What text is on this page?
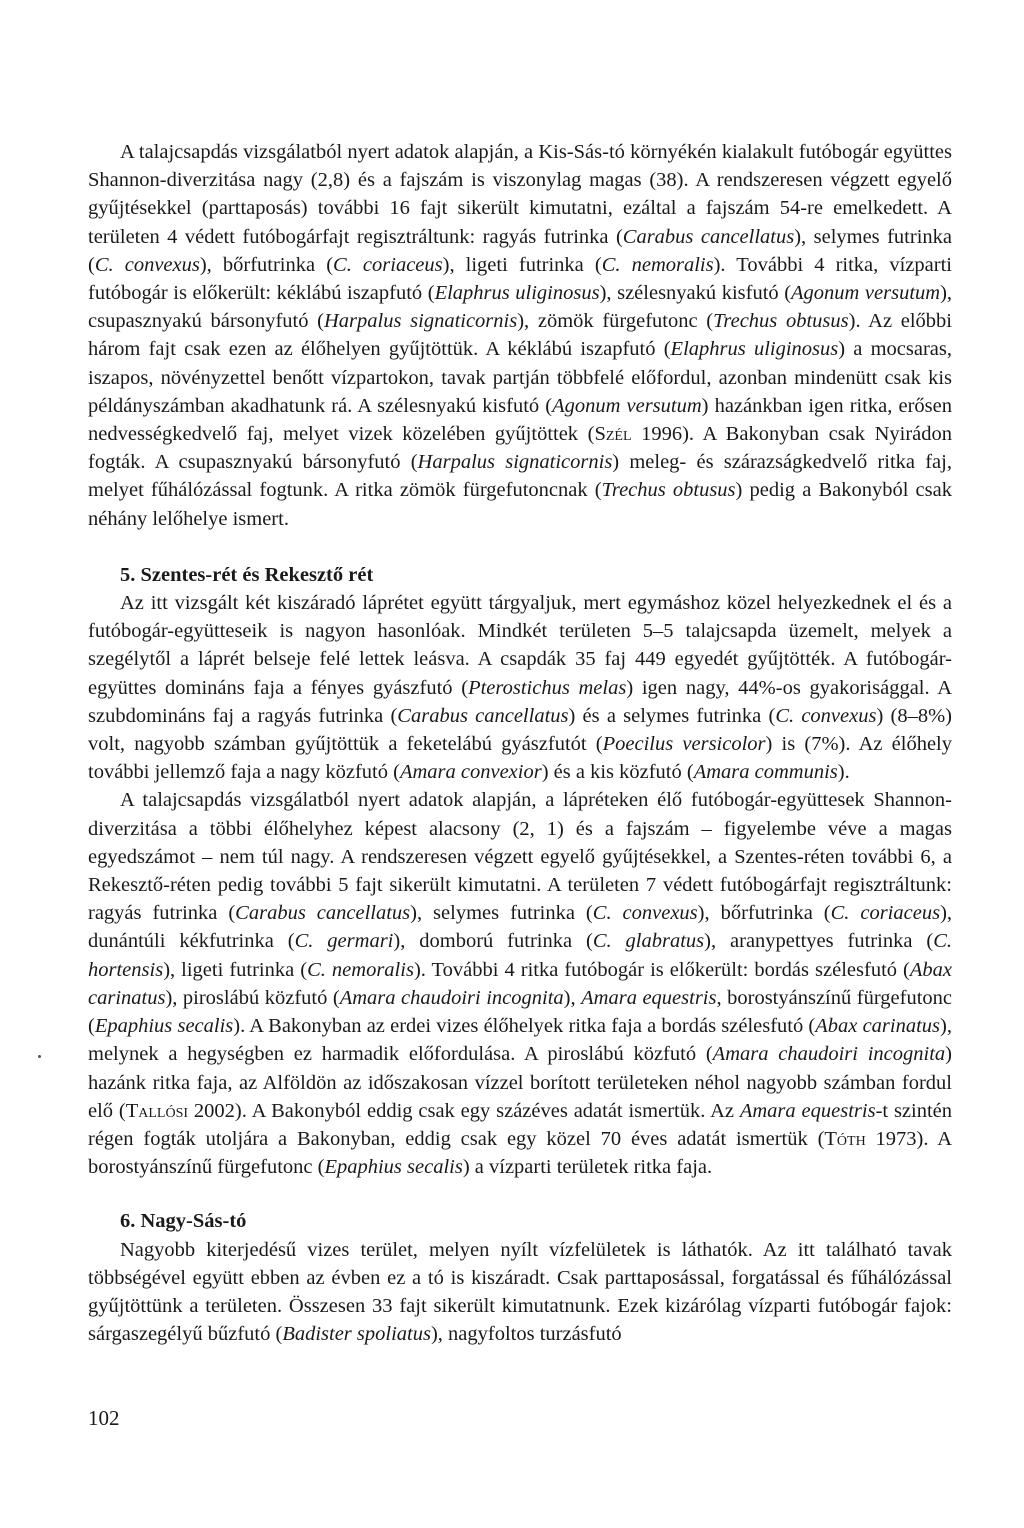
A talajcsapdás vizsgálatból nyert adatok alapján, a Kis-Sás-tó környékén kialakult futóbogár együttes Shannon-diverzitása nagy (2,8) és a fajszám is viszonylag magas (38). A rendszeresen végzett egyelő gyűjtésekkel (parttaposás) további 16 fajt sikerült kimutatni, ezáltal a fajszám 54-re emelkedett. A területen 4 védett futóbogárfajt regisztráltunk: ragyás futrinka (Carabus cancellatus), selymes futrinka (C. convexus), bőrfutrinka (C. coriaceus), ligeti futrinka (C. nemoralis). További 4 ritka, vízparti futóbogár is előkerült: kéklábú iszapfutó (Elaphrus uliginosus), szélesnyakú kisfutó (Agonum versutum), csupasznyakú bársonyfutó (Harpalus signaticornis), zömök fürgefutonc (Trechus obtusus). Az előbbi három fajt csak ezen az élőhelyen gyűjtöttük. A kéklábú iszapfutó (Elaphrus uliginosus) a mocsaras, iszapos, növényzettel benőtt vízpartokon, tavak partján többfelé előfordul, azonban mindenütt csak kis példányszámban akadhatunk rá. A szélesnyakú kisfutó (Agonum versutum) hazánkban igen ritka, erősen nedvességkedvelő faj, melyet vizek közelében gyűjtöttek (Szél 1996). A Bakonyban csak Nyirádon fogták. A csupasznyakú bársonyfutó (Harpalus signaticornis) meleg- és szárazságkedvelő ritka faj, melyet fűhálózással fogtunk. A ritka zömök fürgefutoncnak (Trechus obtusus) pedig a Bakonyból csak néhány lelőhelye ismert.

5. Szentes-rét és Rekesztő rét

Az itt vizsgált két kiszáradó láprétet együtt tárgyaljuk, mert egymáshoz közel helyezkednek el és a futóbogár-együtteseik is nagyon hasonlóak. Mindkét területen 5–5 talajcsapda üzemelt, melyek a szegélytől a láprét belseje felé lettek leásva. A csapdák 35 faj 449 egyedét gyűjtötték. A futóbogár-együttes domináns faja a fényes gyászfutó (Pterostichus melas) igen nagy, 44%-os gyakorisággal. A szubdomináns faj a ragyás futrinka (Carabus cancellatus) és a selymes futrinka (C. convexus) (8–8%) volt, nagyobb számban gyűjtöttük a feketelábú gyászfutót (Poecilus versicolor) is (7%). Az élőhely további jellemző faja a nagy közfutó (Amara convexior) és a kis közfutó (Amara communis).

A talajcsapdás vizsgálatból nyert adatok alapján, a lápréteken élő futóbogár-együttesek Shannon-diverzitása a többi élőhelyhez képest alacsony (2, 1) és a fajszám – figyelembe véve a magas egyedszámot – nem túl nagy. A rendszeresen végzett egyelő gyűjtésekkel, a Szentes-réten további 6, a Rekesztő-réten pedig további 5 fajt sikerült kimutatni. A területen 7 védett futóbogárfajt regisztráltunk: ragyás futrinka (Carabus cancellatus), selymes futrinka (C. convexus), bőrfutrinka (C. coriaceus), dunántúli kékfutrinka (C. germari), domború futrinka (C. glabratus), aranypettyes futrinka (C. hortensis), ligeti futrinka (C. nemoralis). További 4 ritka futóbogár is előkerült: bordás szélesfutó (Abax carinatus), piroslábú közfutó (Amara chaudoiri incognita), Amara equestris, borostyánszínű fürgefutonc (Epaphius secalis). A Bakonyban az erdei vizes élőhelyek ritka faja a bordás szélesfutó (Abax carinatus), melynek a hegységben ez harmadik előfordulása. A piroslábú közfutó (Amara chaudoiri incognita) hazánk ritka faja, az Alföldön az időszakosan vízzel borított területeken néhol nagyobb számban fordul elő (Tallósi 2002). A Bakonyból eddig csak egy százéves adatát ismertük. Az Amara equestris-t szintén régen fogták utoljára a Bakonyban, eddig csak egy közel 70 éves adatát ismertük (Tóth 1973). A borostyánszínű fürgefutonc (Epaphius secalis) a vízparti területek ritka faja.

6. Nagy-Sás-tó

Nagyobb kiterjedésű vizes terület, melyen nyílt vízfelületek is láthatók. Az itt található tavak többségével együtt ebben az évben ez a tó is kiszáradt. Csak parttaposással, forgatással és fűhálózással gyűjtöttünk a területen. Összesen 33 fajt sikerült kimutatnunk. Ezek kizárólag vízparti futóbogár fajok: sárgaszegélyű bűzfutó (Badister spoliatus), nagyfoltos turzásfutó

102
